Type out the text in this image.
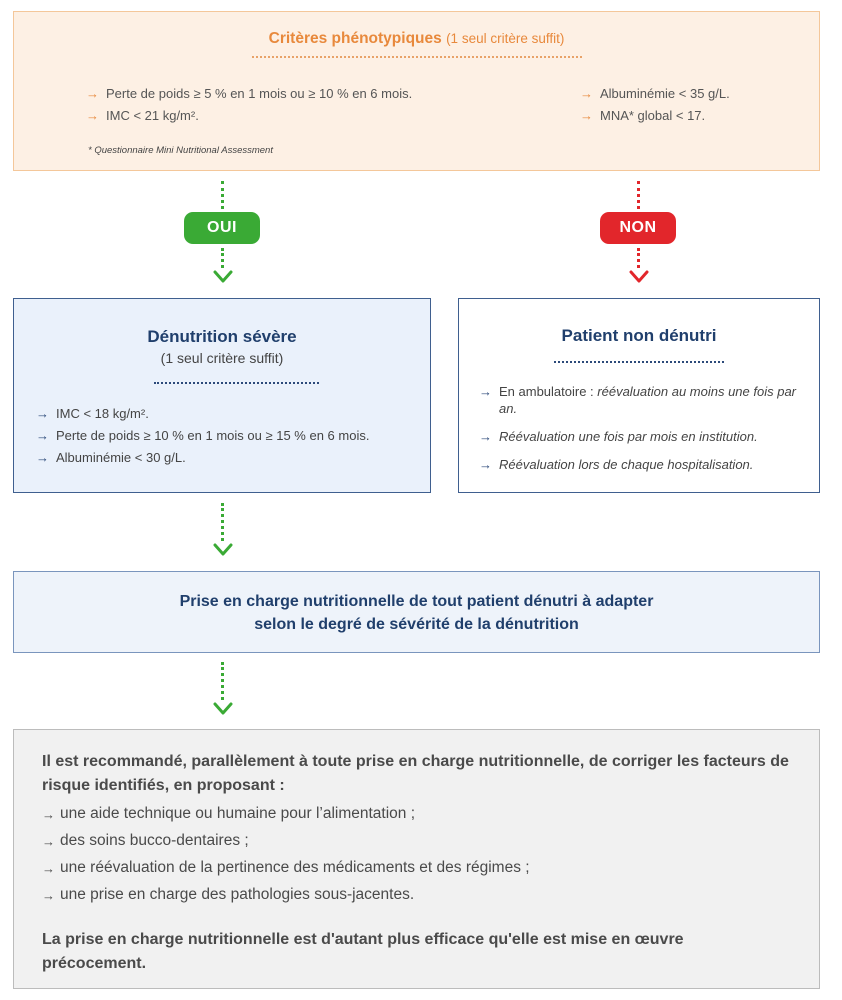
Critères phénotypiques (1 seul critère suffit)
→ Perte de poids ≥ 5 % en 1 mois ou ≥ 10 % en 6 mois.
→ IMC < 21 kg/m².
→ Albuminémie < 35 g/L.
→ MNA* global < 17.
* Questionnaire Mini Nutritional Assessment
OUI	NON
Dénutrition sévère
(1 seul critère suffit)
→ IMC < 18 kg/m².
→ Perte de poids ≥ 10 % en 1 mois ou ≥ 15 % en 6 mois.
→ Albuminémie < 30 g/L.
Patient non dénutri
→ En ambulatoire : réévaluation au moins une fois par an.
→ Réévaluation une fois par mois en institution.
→ Réévaluation lors de chaque hospitalisation.
Prise en charge nutritionnelle de tout patient dénutri à adapter
selon le degré de sévérité de la dénutrition
Il est recommandé, parallèlement à toute prise en charge nutritionnelle, de corriger les facteurs de risque identifiés, en proposant :
→ une aide technique ou humaine pour l’alimentation ;
→ des soins bucco-dentaires ;
→ une réévaluation de la pertinence des médicaments et des régimes ;
→ une prise en charge des pathologies sous-jacentes.
La prise en charge nutritionnelle est d'autant plus efficace qu'elle est mise en œuvre précocement.
